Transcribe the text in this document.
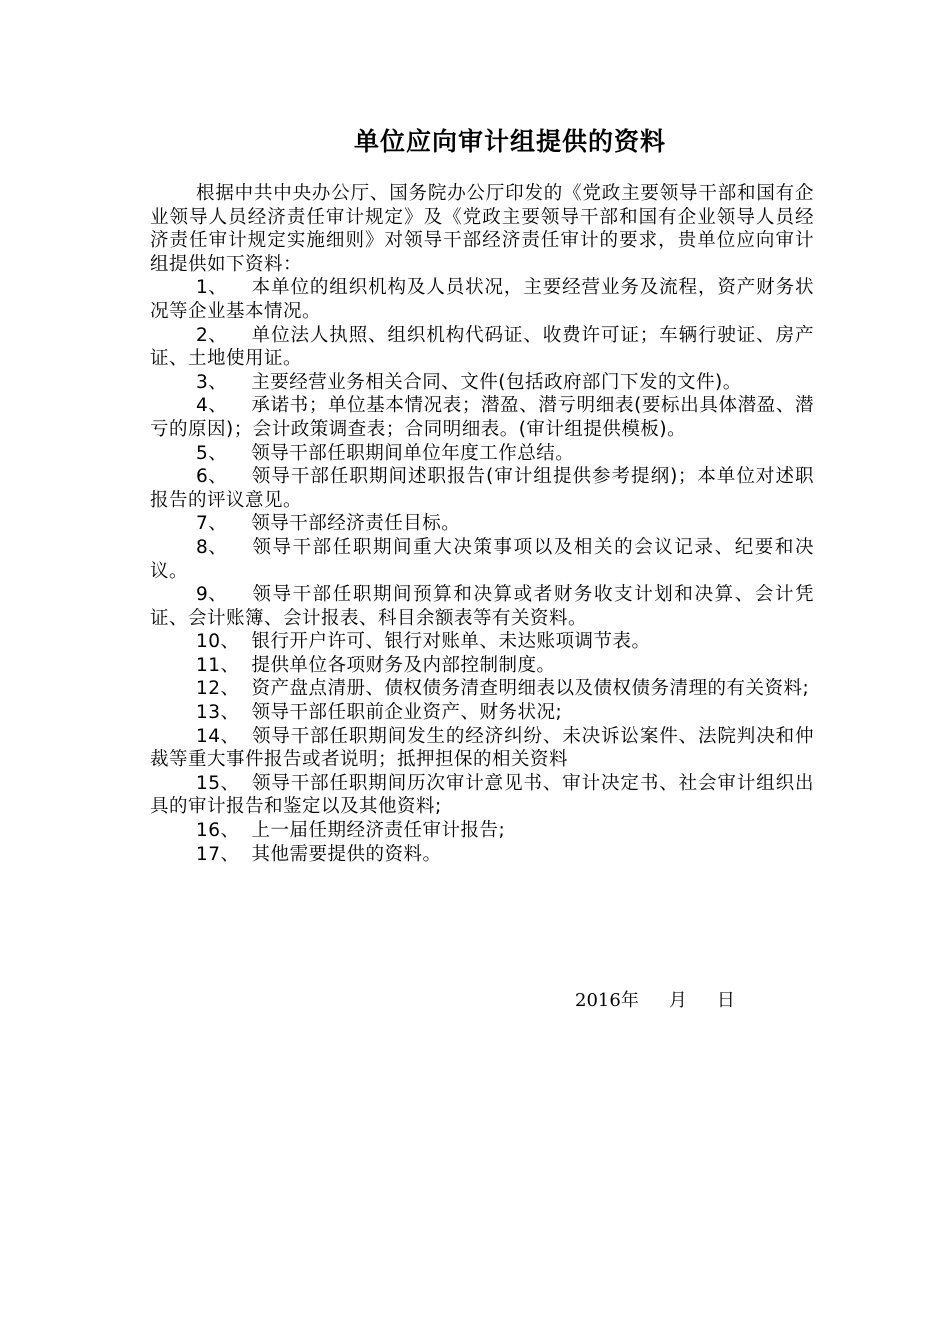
单位应向审计组提供的资料

根据中共中央办公厅、国务院办公厅印发的《党政主要领导干部和国有企业领导人员经济责任审计规定》及《党政主要领导干部和国有企业领导人员经济责任审计规定实施细则》对领导干部经济责任审计的要求，贵单位应向审计组提供如下资料：

1、 本单位的组织机构及人员状况，主要经营业务及流程，资产财务状况等企业基本情况。

2、 单位法人执照、组织机构代码证、收费许可证；车辆行驶证、房产证、土地使用证。

3、 主要经营业务相关合同、文件(包括政府部门下发的文件)。

4、 承诺书；单位基本情况表；潜盈、潜亏明细表(要标出具体潜盈、潜亏的原因)；会计政策调查表；合同明细表。(审计组提供模板)。

5、 领导干部任职期间单位年度工作总结。

6、 领导干部任职期间述职报告(审计组提供参考提纲)；本单位对述职报告的评议意见。

7、 领导干部经济责任目标。

8、 领导干部任职期间重大决策事项以及相关的会议记录、纪要和决议。

9、 领导干部任职期间预算和决算或者财务收支计划和决算、会计凭证、会计账簿、会计报表、科目余额表等有关资料。

10、 银行开户许可、银行对账单、未达账项调节表。

11、 提供单位各项财务及内部控制制度。

12、 资产盘点清册、债权债务清查明细表以及债权债务清理的有关资料;

13、 领导干部任职前企业资产、财务状况;

14、 领导干部任职期间发生的经济纠纷、未决诉讼案件、法院判决和仲裁等重大事件报告或者说明；抵押担保的相关资料

15、 领导干部任职期间历次审计意见书、审计决定书、社会审计组织出具的审计报告和鉴定以及其他资料;

16、 上一届任期经济责任审计报告;

17、 其他需要提供的资料。

2016年 月 日
